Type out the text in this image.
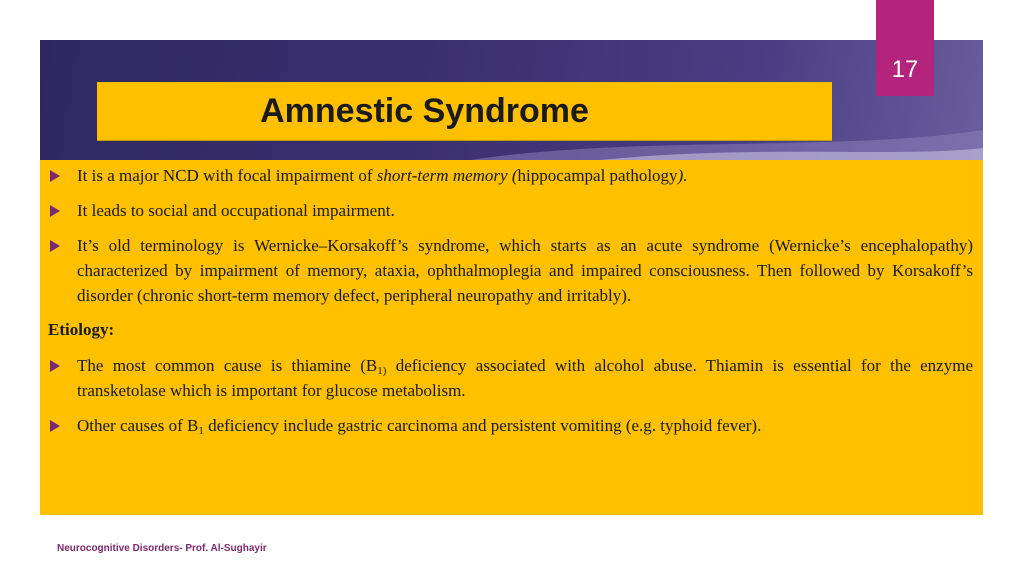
17
Amnestic Syndrome
It is a major NCD with focal impairment of short-term memory (hippocampal pathology).
It leads to social and occupational impairment.
It’s old terminology is Wernicke–Korsakoff’s syndrome, which starts as an acute syndrome (Wernicke’s encephalopathy) characterized by impairment of memory, ataxia, ophthalmoplegia and impaired consciousness. Then followed by Korsakoff’s disorder (chronic short-term memory defect, peripheral neuropathy and irritably).
Etiology:
The most common cause is thiamine ($B_{1)}$ deficiency associated with alcohol abuse. Thiamin is essential for the enzyme transketolase which is important for glucose metabolism.
Other causes of $B_1$ deficiency include gastric carcinoma and persistent vomiting (e.g. typhoid fever).
Neurocognitive Disorders- Prof. Al-Sughayir
